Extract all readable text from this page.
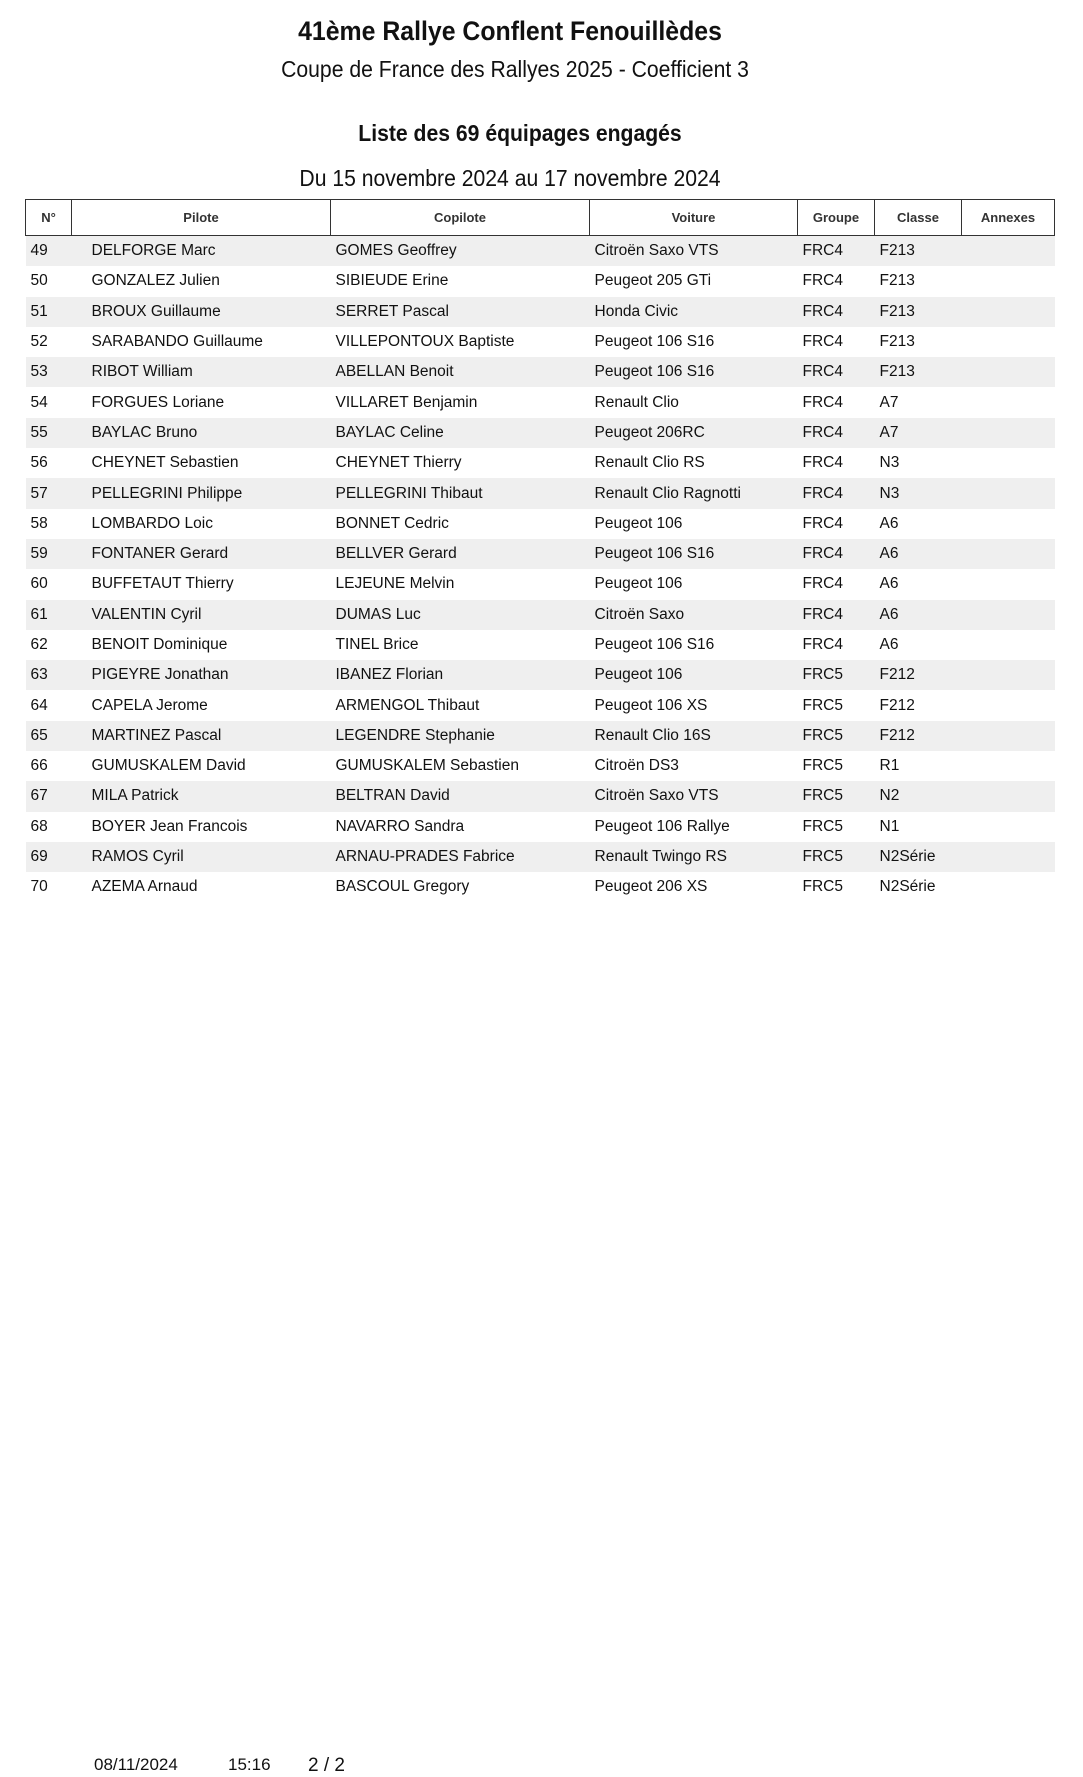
41ème Rallye Conflent Fenouillèdes
Coupe de France des Rallyes 2025 - Coefficient 3
Liste des 69 équipages engagés
Du 15 novembre 2024 au 17 novembre 2024
N°	Pilote	Copilote	Voiture	Groupe	Classe	Annexes
49	DELFORGE Marc	GOMES Geoffrey	Citroën Saxo VTS	FRC4	F213	
50	GONZALEZ Julien	SIBIEUDE Erine	Peugeot 205 GTi	FRC4	F213	
51	BROUX Guillaume	SERRET Pascal	Honda Civic	FRC4	F213	
52	SARABANDO Guillaume	VILLEPONTOUX Baptiste	Peugeot 106 S16	FRC4	F213	
53	RIBOT William	ABELLAN Benoit	Peugeot 106 S16	FRC4	F213	
54	FORGUES Loriane	VILLARET Benjamin	Renault Clio	FRC4	A7	
55	BAYLAC Bruno	BAYLAC Celine	Peugeot 206RC	FRC4	A7	
56	CHEYNET Sebastien	CHEYNET Thierry	Renault Clio RS	FRC4	N3	
57	PELLEGRINI Philippe	PELLEGRINI Thibaut	Renault Clio Ragnotti	FRC4	N3	
58	LOMBARDO Loic	BONNET Cedric	Peugeot 106	FRC4	A6	
59	FONTANER Gerard	BELLVER Gerard	Peugeot 106 S16	FRC4	A6	
60	BUFFETAUT Thierry	LEJEUNE Melvin	Peugeot 106	FRC4	A6	
61	VALENTIN Cyril	DUMAS Luc	Citroën Saxo	FRC4	A6	
62	BENOIT Dominique	TINEL Brice	Peugeot 106 S16	FRC4	A6	
63	PIGEYRE Jonathan	IBANEZ Florian	Peugeot 106	FRC5	F212	
64	CAPELA Jerome	ARMENGOL Thibaut	Peugeot 106 XS	FRC5	F212	
65	MARTINEZ Pascal	LEGENDRE Stephanie	Renault Clio 16S	FRC5	F212	
66	GUMUSKALEM David	GUMUSKALEM Sebastien	Citroën DS3	FRC5	R1	
67	MILA Patrick	BELTRAN David	Citroën Saxo VTS	FRC5	N2	
68	BOYER Jean Francois	NAVARRO Sandra	Peugeot 106 Rallye	FRC5	N1	
69	RAMOS Cyril	ARNAU-PRADES Fabrice	Renault Twingo RS	FRC5	N2Série	
70	AZEMA Arnaud	BASCOUL Gregory	Peugeot 206 XS	FRC5	N2Série	
08/11/2024	15:16 2 / 2
